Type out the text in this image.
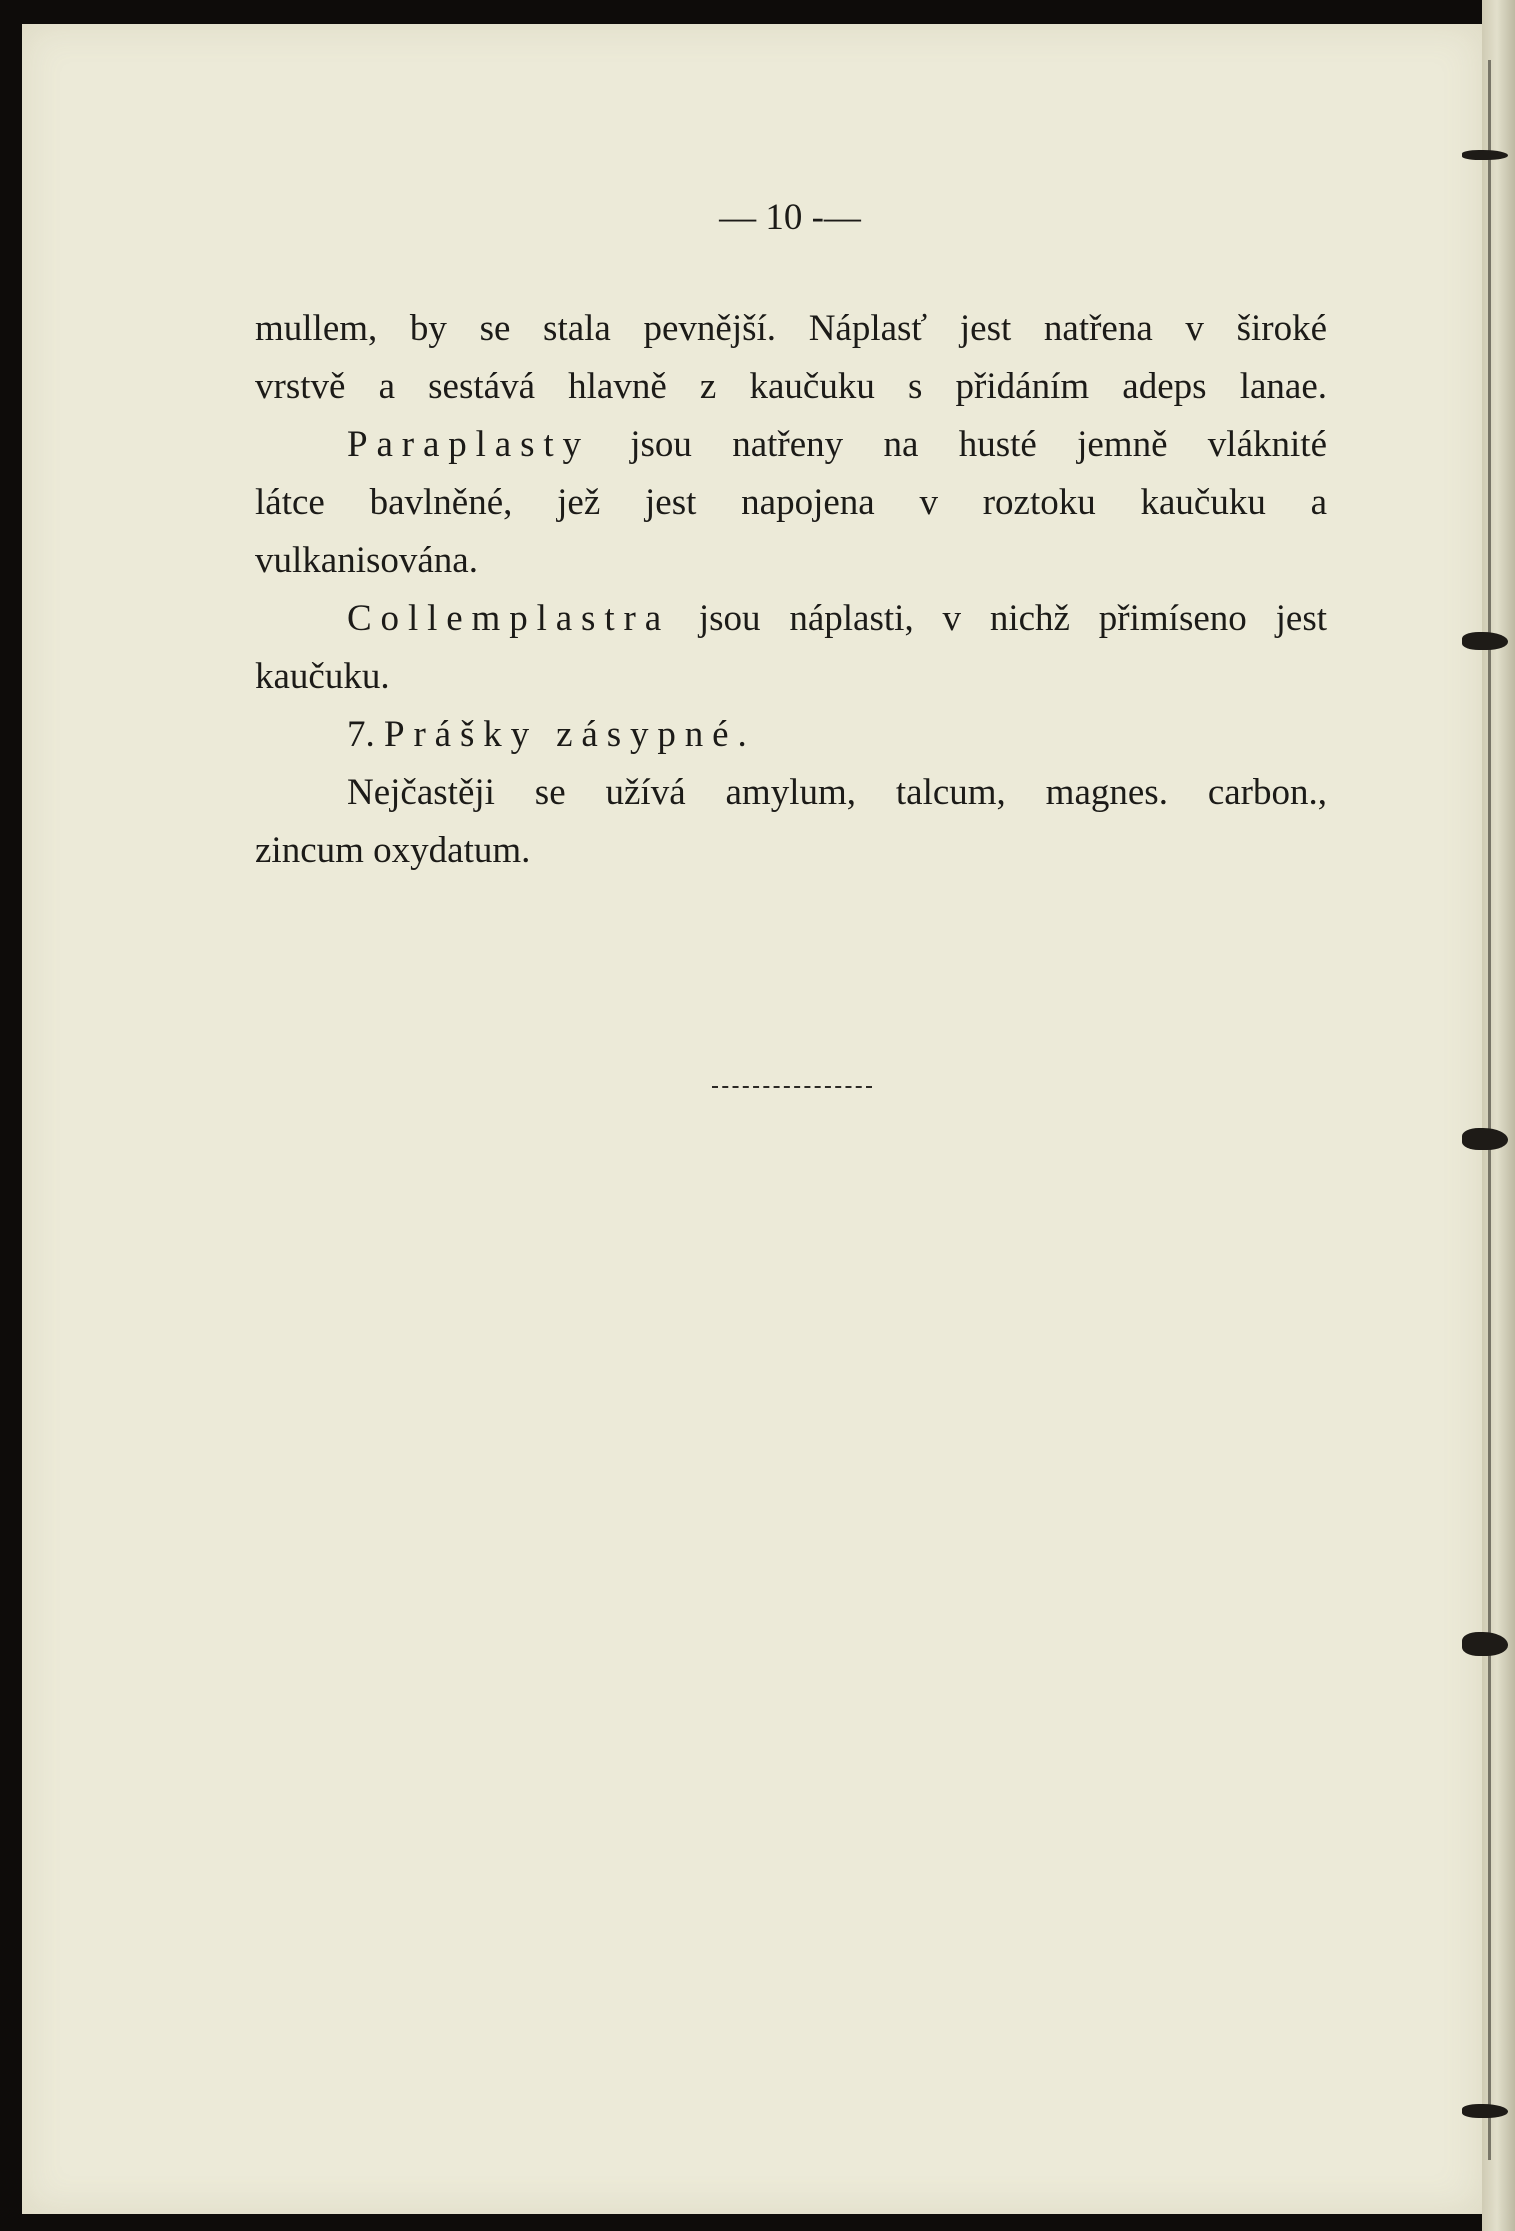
— 10 -—
mullem, by se stala pevnější. Náplasť jest natřena v široké
vrstvě a sestává hlavně z kaučuku s přidáním adeps lanae.
Paraplasty jsou natřeny na husté jemně vláknité
látce bavlněné, jež jest napojena v roztoku kaučuku a
vulkanisována.
Collemplastra jsou náplasti, v nichž přimíseno jest
kaučuku.
7. Prášky zásypné.
Nejčastěji se užívá amylum, talcum, magnes. carbon.,
zincum oxydatum.
